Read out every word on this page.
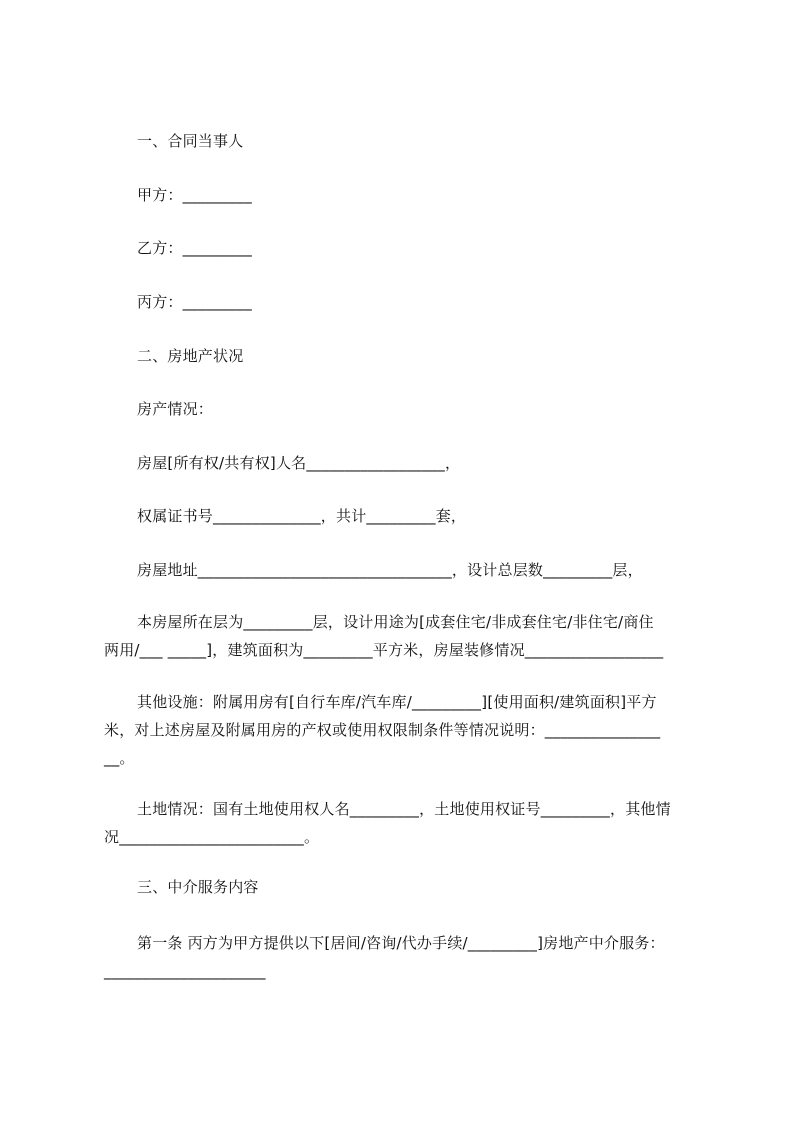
一、合同当事人
甲方：_________
乙方：_________
丙方：_________
二、房地产状况
房产情况：
房屋[所有权/共有权]人名__________________，
权属证书号______________，共计_________套，
房屋地址_________________________________，设计总层数_________层，
本房屋所在层为_________层，设计用途为[成套住宅/非成套住宅/非住宅/商住
两用/___ _____]，建筑面积为_________平方米，房屋装修情况__________________
其他设施：附属用房有[自行车库/汽车库/_________][使用面积/建筑面积]平方
米，对上述房屋及附属用房的产权或使用权限制条件等情况说明：_______________
__。
土地情况：国有土地使用权人名_________，土地使用权证号_________，其他情
况________________________。
三、中介服务内容
第一条 丙方为甲方提供以下[居间/咨询/代办手续/_________]房地产中介服务：
_____________________
